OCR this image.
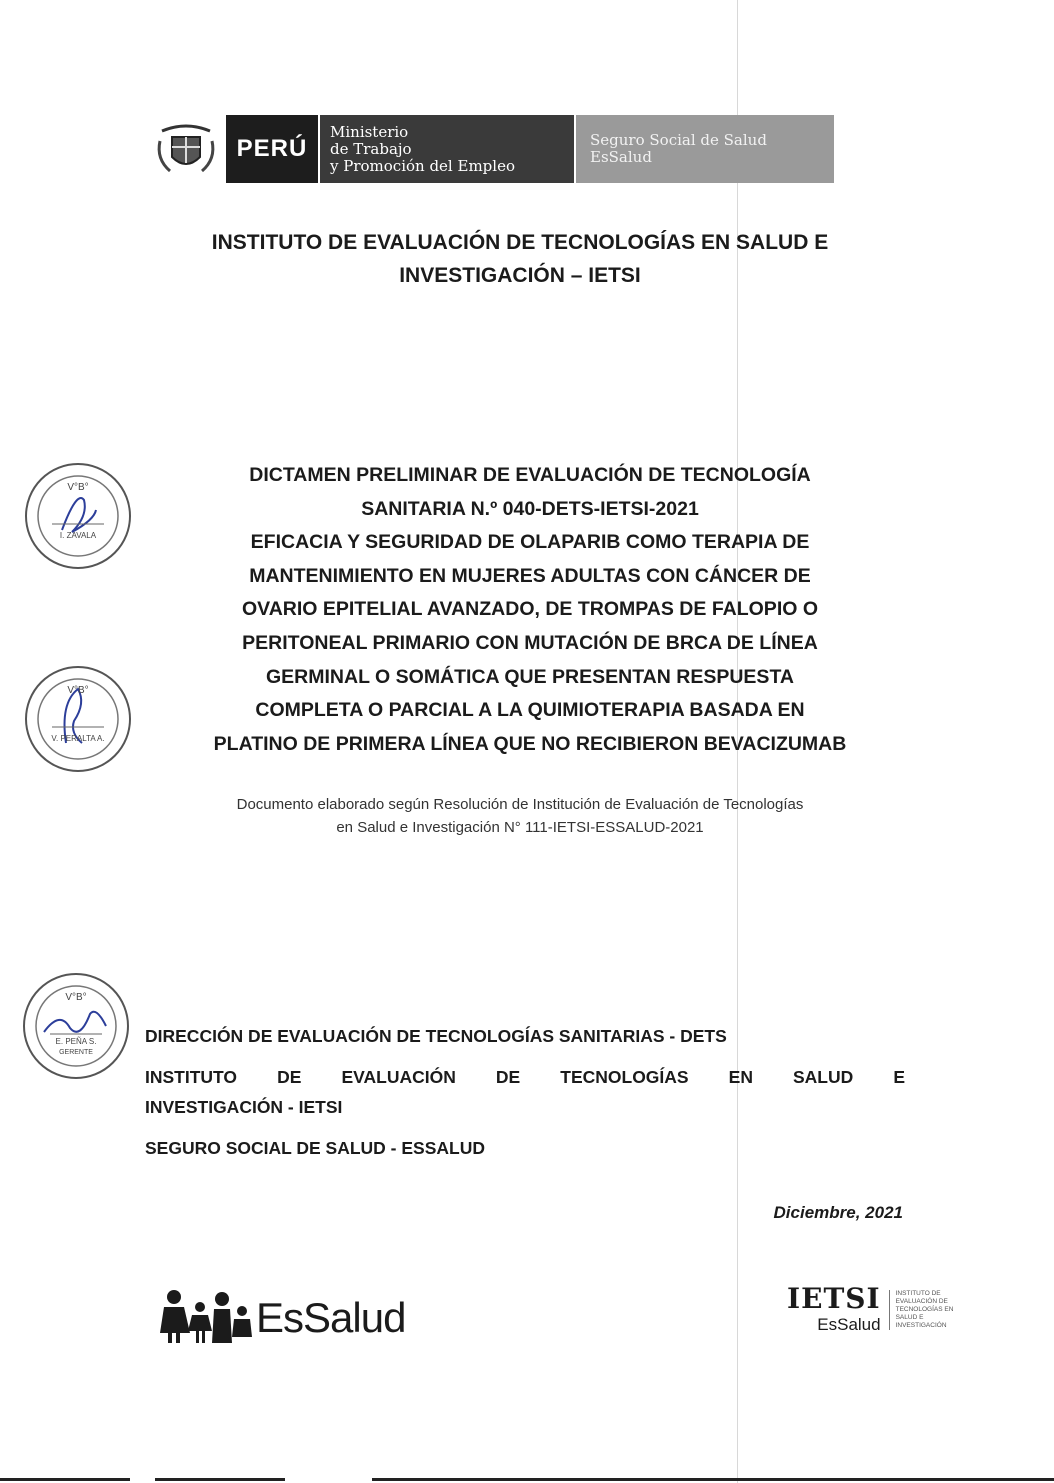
PERÚ
Ministerio
de Trabajo
y Promoción del Empleo
Seguro Social de Salud
EsSalud
INSTITUTO DE EVALUACIÓN DE TECNOLOGÍAS EN SALUD E
INVESTIGACIÓN – IETSI
DICTAMEN PRELIMINAR DE EVALUACIÓN DE TECNOLOGÍA
SANITARIA N.º 040-DETS-IETSI-2021
EFICACIA Y SEGURIDAD DE OLAPARIB COMO TERAPIA DE
MANTENIMIENTO EN MUJERES ADULTAS CON CÁNCER DE
OVARIO EPITELIAL AVANZADO, DE TROMPAS DE FALOPIO O
PERITONEAL PRIMARIO CON MUTACIÓN DE BRCA DE LÍNEA
GERMINAL O SOMÁTICA QUE PRESENTAN RESPUESTA
COMPLETA O PARCIAL A LA QUIMIOTERAPIA BASADA EN
PLATINO DE PRIMERA LÍNEA QUE NO RECIBIERON BEVACIZUMAB
Documento elaborado según Resolución de Institución de Evaluación de Tecnologías
en Salud e Investigación N° 111-IETSI-ESSALUD-2021
DIRECCIÓN DE EVALUACIÓN DE TECNOLOGÍAS SANITARIAS - DETS
INSTITUTO DE EVALUACIÓN DE TECNOLOGÍAS EN SALUD E
INVESTIGACIÓN - IETSI
SEGURO SOCIAL DE SALUD - ESSALUD
Diciembre, 2021
V°B°
I. ZAVALA
V°B°
V. PERALTA A.
V°B°
E. PEÑA S.
GERENTE
EsSalud	IETSI
EsSalud
INSTITUTO DE
EVALUACIÓN DE
TECNOLOGÍAS EN
SALUD E
INVESTIGACIÓN
